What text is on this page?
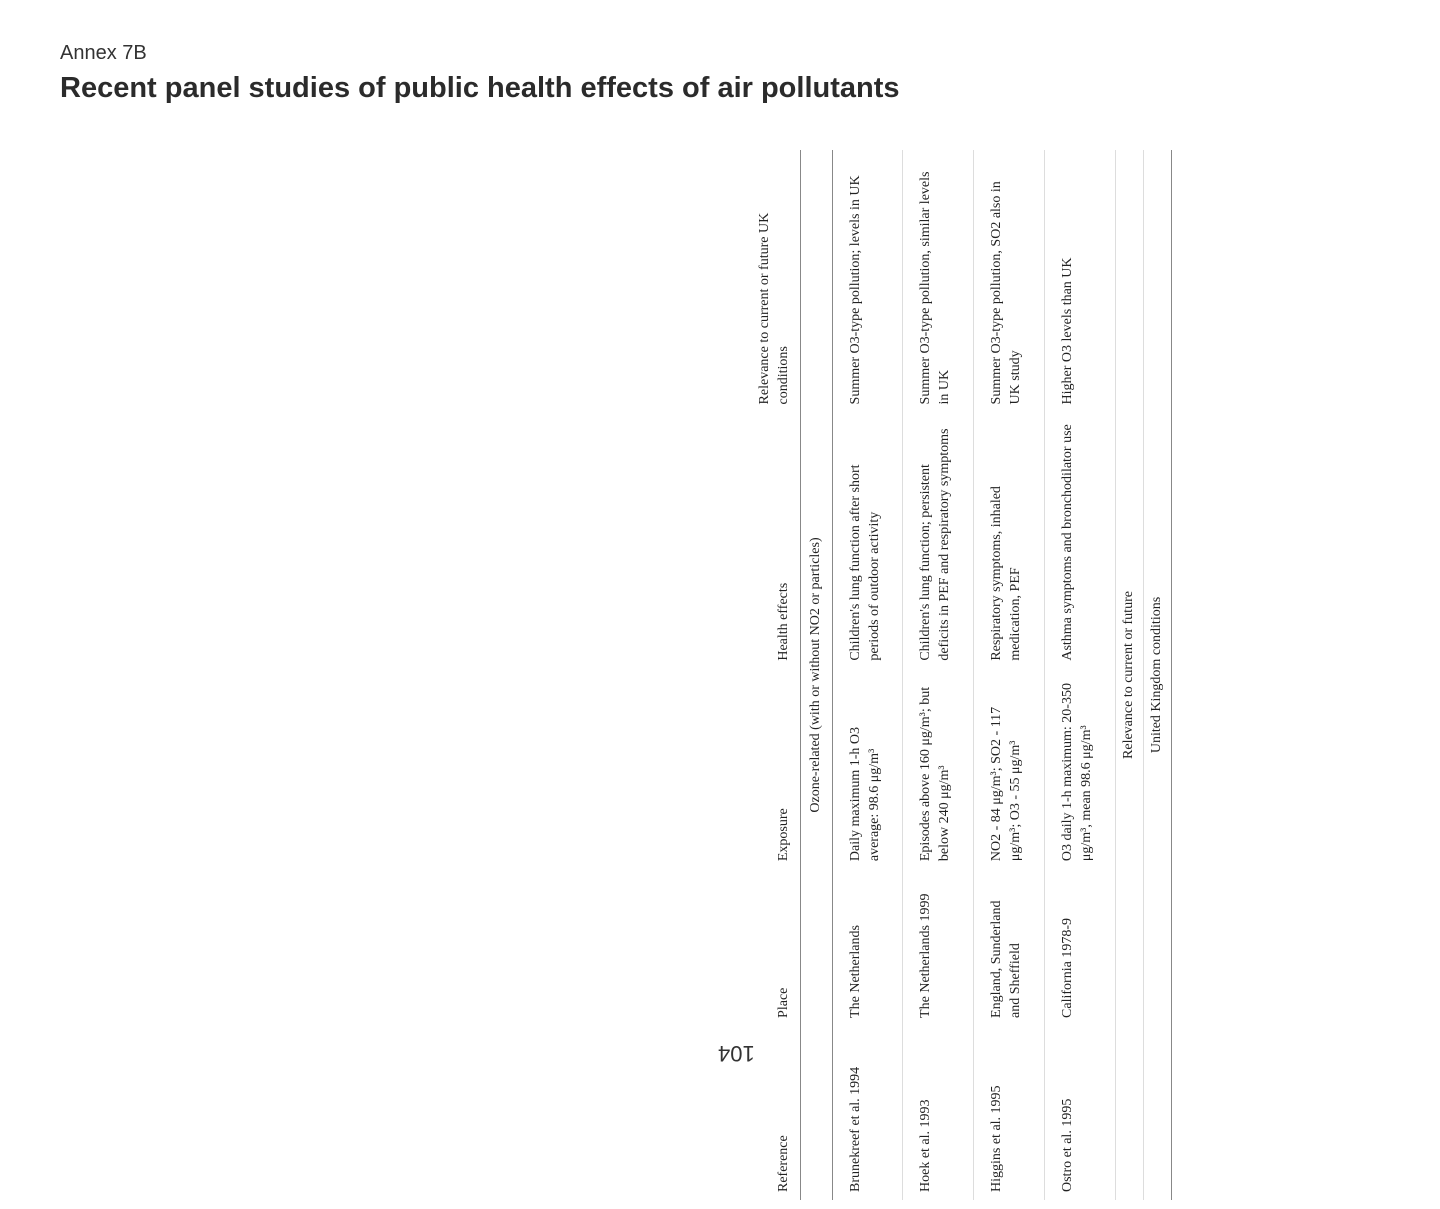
Annex 7B
Recent panel studies of public health effects of air pollutants
104
Reference	Place	Exposure	Health effects	Relevance to current or future UK conditions
Ozone-related (with or without NO2 or particles)				
Brunekreef et al. 1994	The Netherlands	Daily maximum 1-h O3 average: 98.6 μg/m³	Children's lung function after short periods of outdoor activity	Summer O3-type pollution; levels in UK
Hoek et al. 1993	The Netherlands 1999	Episodes above 160 μg/m³; but below 240 μg/m³	Children's lung function; persistent deficits in PEF and respiratory symptoms	Summer O3-type pollution, similar levels in UK
Higgins et al. 1995	England, Sunderland and Sheffield	NO2 - 84 μg/m³; SO2 - 117 μg/m³; O3 - 55 μg/m³	Respiratory symptoms, inhaled medication, PEF	Summer O3-type pollution, SO2 also in UK study
Ostro et al. 1995	California 1978-9	O3 daily 1-h maximum: 20-350 μg/m³, mean 98.6 μg/m³	Asthma symptoms and bronchodilator use	Higher O3 levels than UK
Relevance to current or future				
United Kingdom conditions				
